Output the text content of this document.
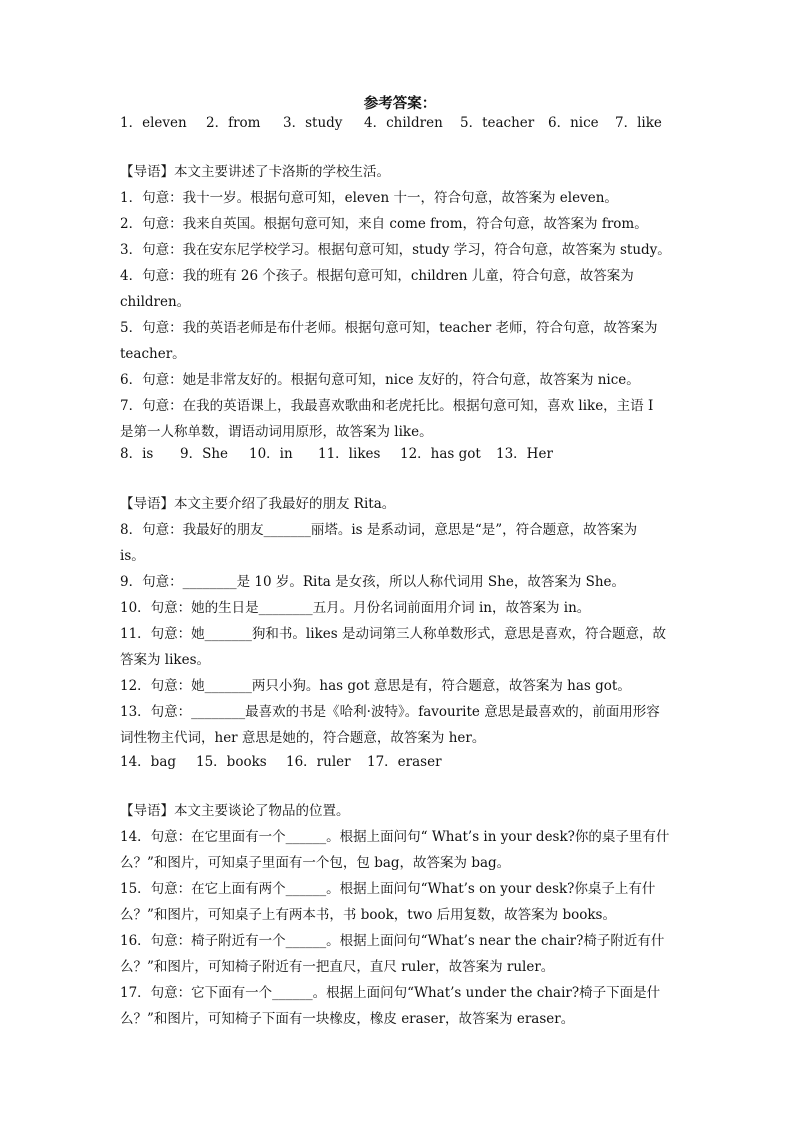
参考答案：
1．eleven 2．from 3．study 4．children 5．teacher 6．nice 7．like

【导语】本文主要讲述了卡洛斯的学校生活。

1．句意：我十一岁。根据句意可知，eleven 十一，符合句意，故答案为 eleven。

2．句意：我来自英国。根据句意可知，来自 come from，符合句意，故答案为 from。

3．句意：我在安东尼学校学习。根据句意可知，study 学习，符合句意，故答案为 study。

4．句意：我的班有 26 个孩子。根据句意可知，children 儿童，符合句意，故答案为

children。

5．句意：我的英语老师是布什老师。根据句意可知，teacher 老师，符合句意，故答案为

teacher。

6．句意：她是非常友好的。根据句意可知，nice 友好的，符合句意，故答案为 nice。

7．句意：在我的英语课上，我最喜欢歌曲和老虎托比。根据句意可知，喜欢 like，主语 I

是第一人称单数，谓语动词用原形，故答案为 like。

8．is 9．She 10．in 11．likes 12．has got 13．Her

【导语】本文主要介绍了我最好的朋友 Rita。

8．句意：我最好的朋友_______丽塔。is 是系动词，意思是“是”，符合题意，故答案为

is。

9．句意：________是 10 岁。Rita 是女孩，所以人称代词用 She，故答案为 She。

10．句意：她的生日是________五月。月份名词前面用介词 in，故答案为 in。

11．句意：她_______狗和书。likes 是动词第三人称单数形式，意思是喜欢，符合题意，故

答案为 likes。

12．句意：她_______两只小狗。has got 意思是有，符合题意，故答案为 has got。

13．句意：________最喜欢的书是《哈利·波特》。favourite 意思是最喜欢的，前面用形容

词性物主代词，her 意思是她的，符合题意，故答案为 her。

14．bag 15．books 16．ruler 17．eraser

【导语】本文主要谈论了物品的位置。

14．句意：在它里面有一个______。根据上面问句“ What’s in your desk?你的桌子里有什

么？”和图片，可知桌子里面有一个包，包 bag，故答案为 bag。

15．句意：在它上面有两个______。根据上面问句“What’s on your desk?你桌子上有什

么？”和图片，可知桌子上有两本书，书 book，two 后用复数，故答案为 books。

16．句意：椅子附近有一个______。根据上面问句“What’s near the chair?椅子附近有什

么？”和图片，可知椅子附近有一把直尺，直尺 ruler，故答案为 ruler。

17．句意：它下面有一个______。根据上面问句“What’s under the chair?椅子下面是什

么？”和图片，可知椅子下面有一块橡皮，橡皮 eraser，故答案为 eraser。
